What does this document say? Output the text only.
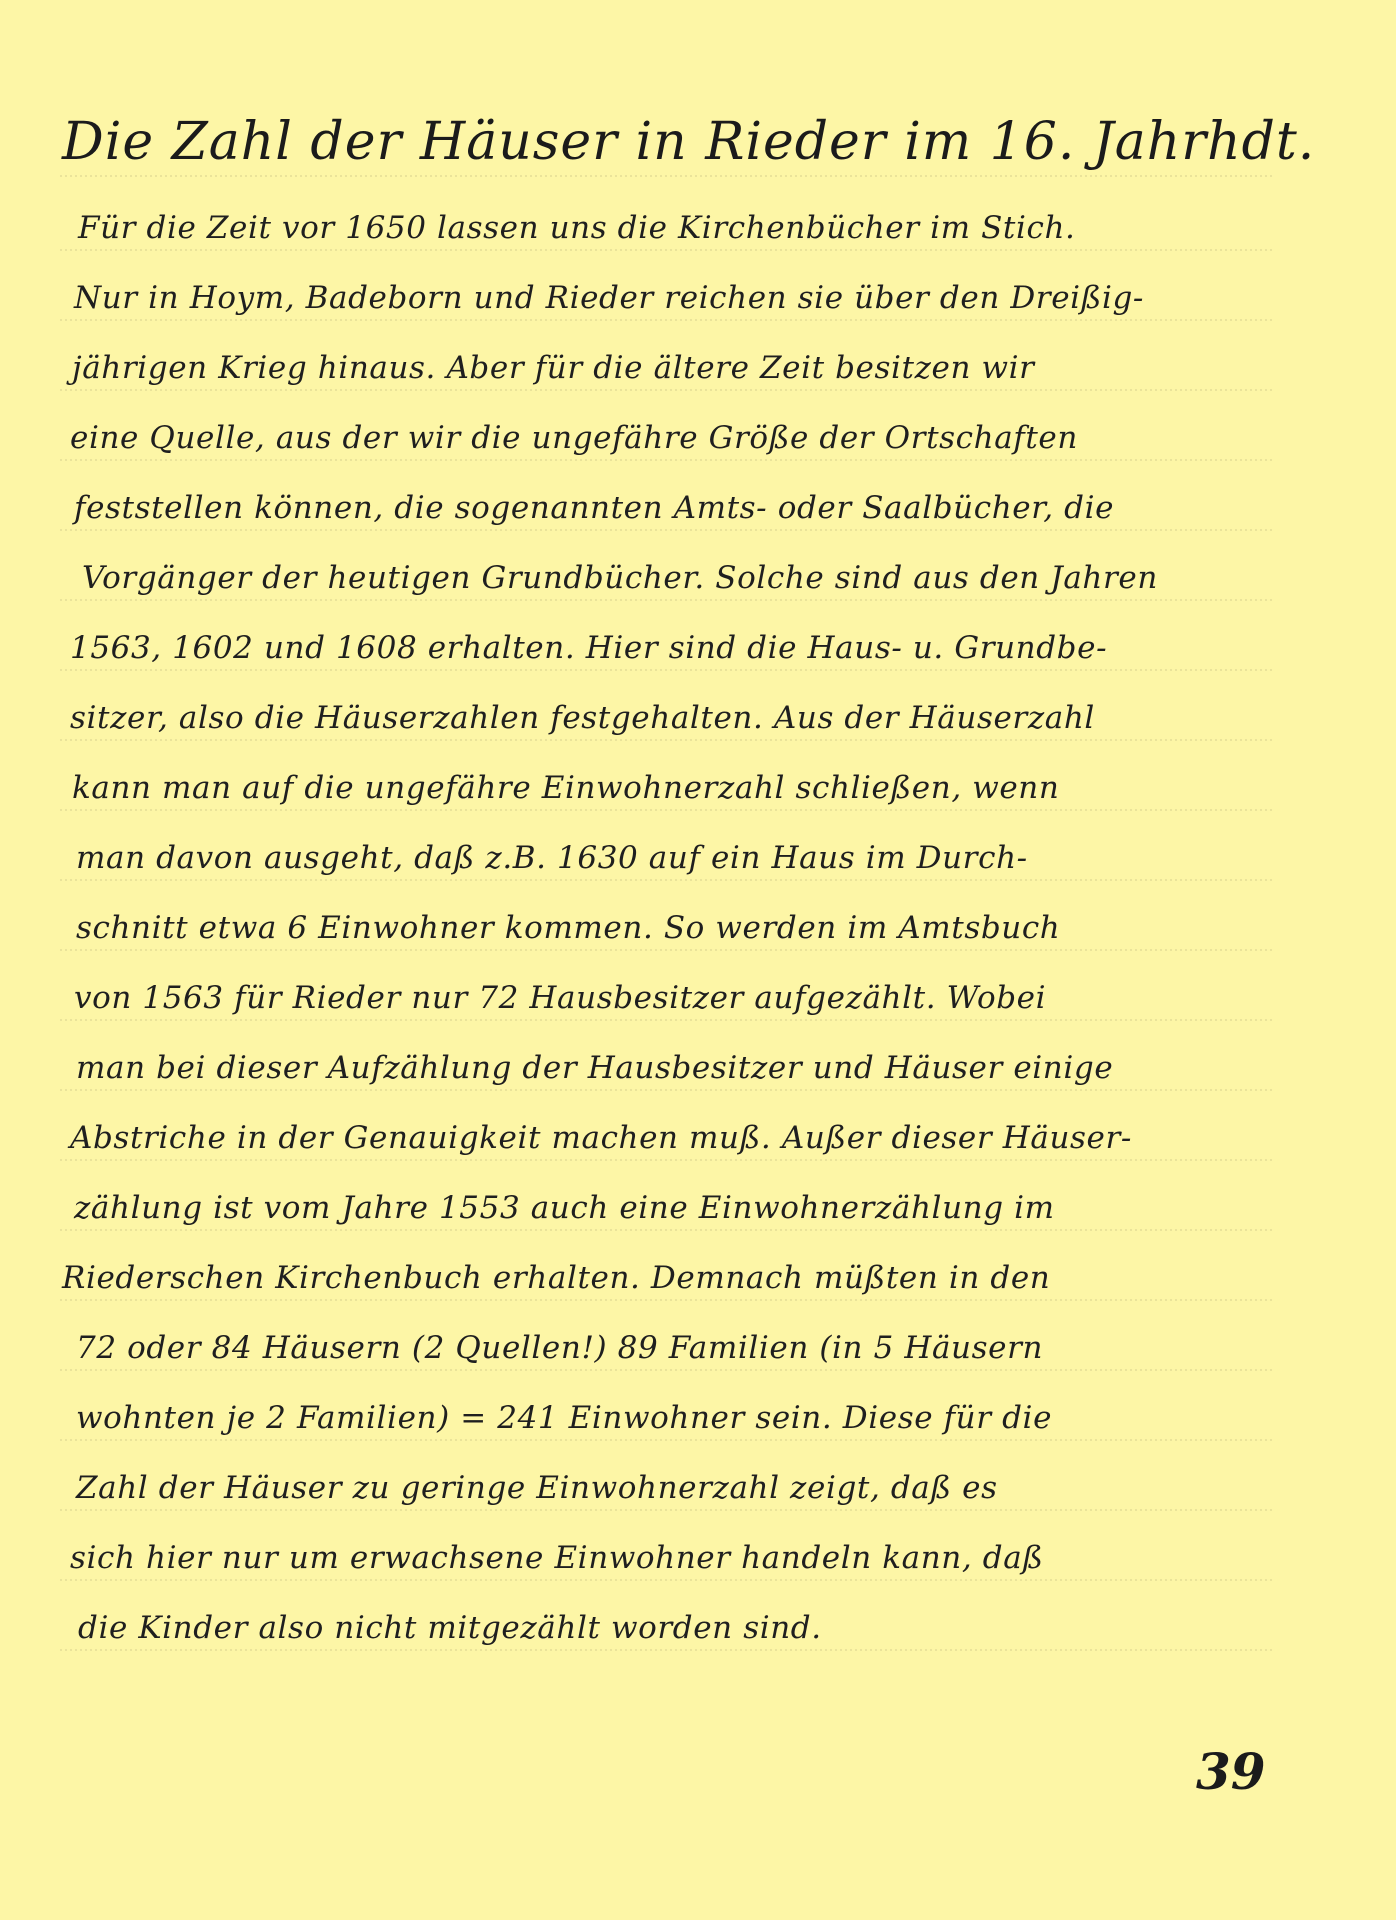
Die Zahl der Häuser in Rieder im 16. Jahrhdt.

Für die Zeit vor 1650 lassen uns die Kirchenbücher im Stich.

Nur in Hoym, Badeborn und Rieder reichen sie über den Dreißig-

jährigen Krieg hinaus. Aber für die ältere Zeit besitzen wir

eine Quelle, aus der wir die ungefähre Größe der Ortschaften

feststellen können, die sogenannten Amts- oder Saalbücher, die

Vorgänger der heutigen Grundbücher. Solche sind aus den Jahren

1563, 1602 und 1608 erhalten. Hier sind die Haus- u. Grundbe-

sitzer, also die Häuserzahlen festgehalten. Aus der Häuserzahl

kann man auf die ungefähre Einwohnerzahl schließen, wenn

man davon ausgeht, daß z.B. 1630 auf ein Haus im Durch-

schnitt etwa 6 Einwohner kommen. So werden im Amtsbuch

von 1563 für Rieder nur 72 Hausbesitzer aufgezählt. Wobei

man bei dieser Aufzählung der Hausbesitzer und Häuser einige

Abstriche in der Genauigkeit machen muß. Außer dieser Häuser-

zählung ist vom Jahre 1553 auch eine Einwohnerzählung im

Riederschen Kirchenbuch erhalten. Demnach müßten in den

72 oder 84 Häusern (2 Quellen!) 89 Familien (in 5 Häusern

wohnten je 2 Familien) = 241 Einwohner sein. Diese für die

Zahl der Häuser zu geringe Einwohnerzahl zeigt, daß es

sich hier nur um erwachsene Einwohner handeln kann, daß

die Kinder also nicht mitgezählt worden sind.

39
